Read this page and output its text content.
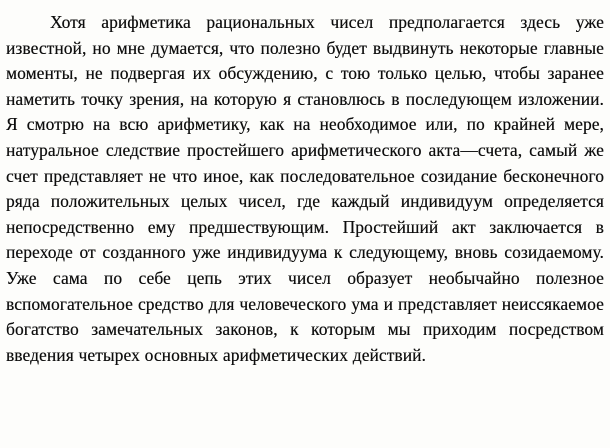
Хотя арифметика рациональных чисел предполагается здесь уже известной, но мне думается, что полезно будет выдвинуть некоторые главные моменты, не подвергая их обсуждению, с тою только целью, чтобы заранее наметить точку зрения, на которую я становлюсь в последующем изложении. Я смотрю на всю арифметику, как на необходимое или, по крайней мере, натуральное следствие простейшего арифметического акта—счета, самый же счет представляет не что иное, как последовательное созидание бесконечного ряда положительных целых чисел, где каждый индивидуум определяется непосредственно ему предшествующим. Простейший акт заключается в переходе от созданного уже индивидуума к следующему, вновь созидаемому. Уже сама по себе цепь этих чисел образует необычайно полезное вспомогательное средство для человеческого ума и представляет неиссякаемое богатство замечательных законов, к которым мы приходим посредством введения четырех основных арифметических действий.
